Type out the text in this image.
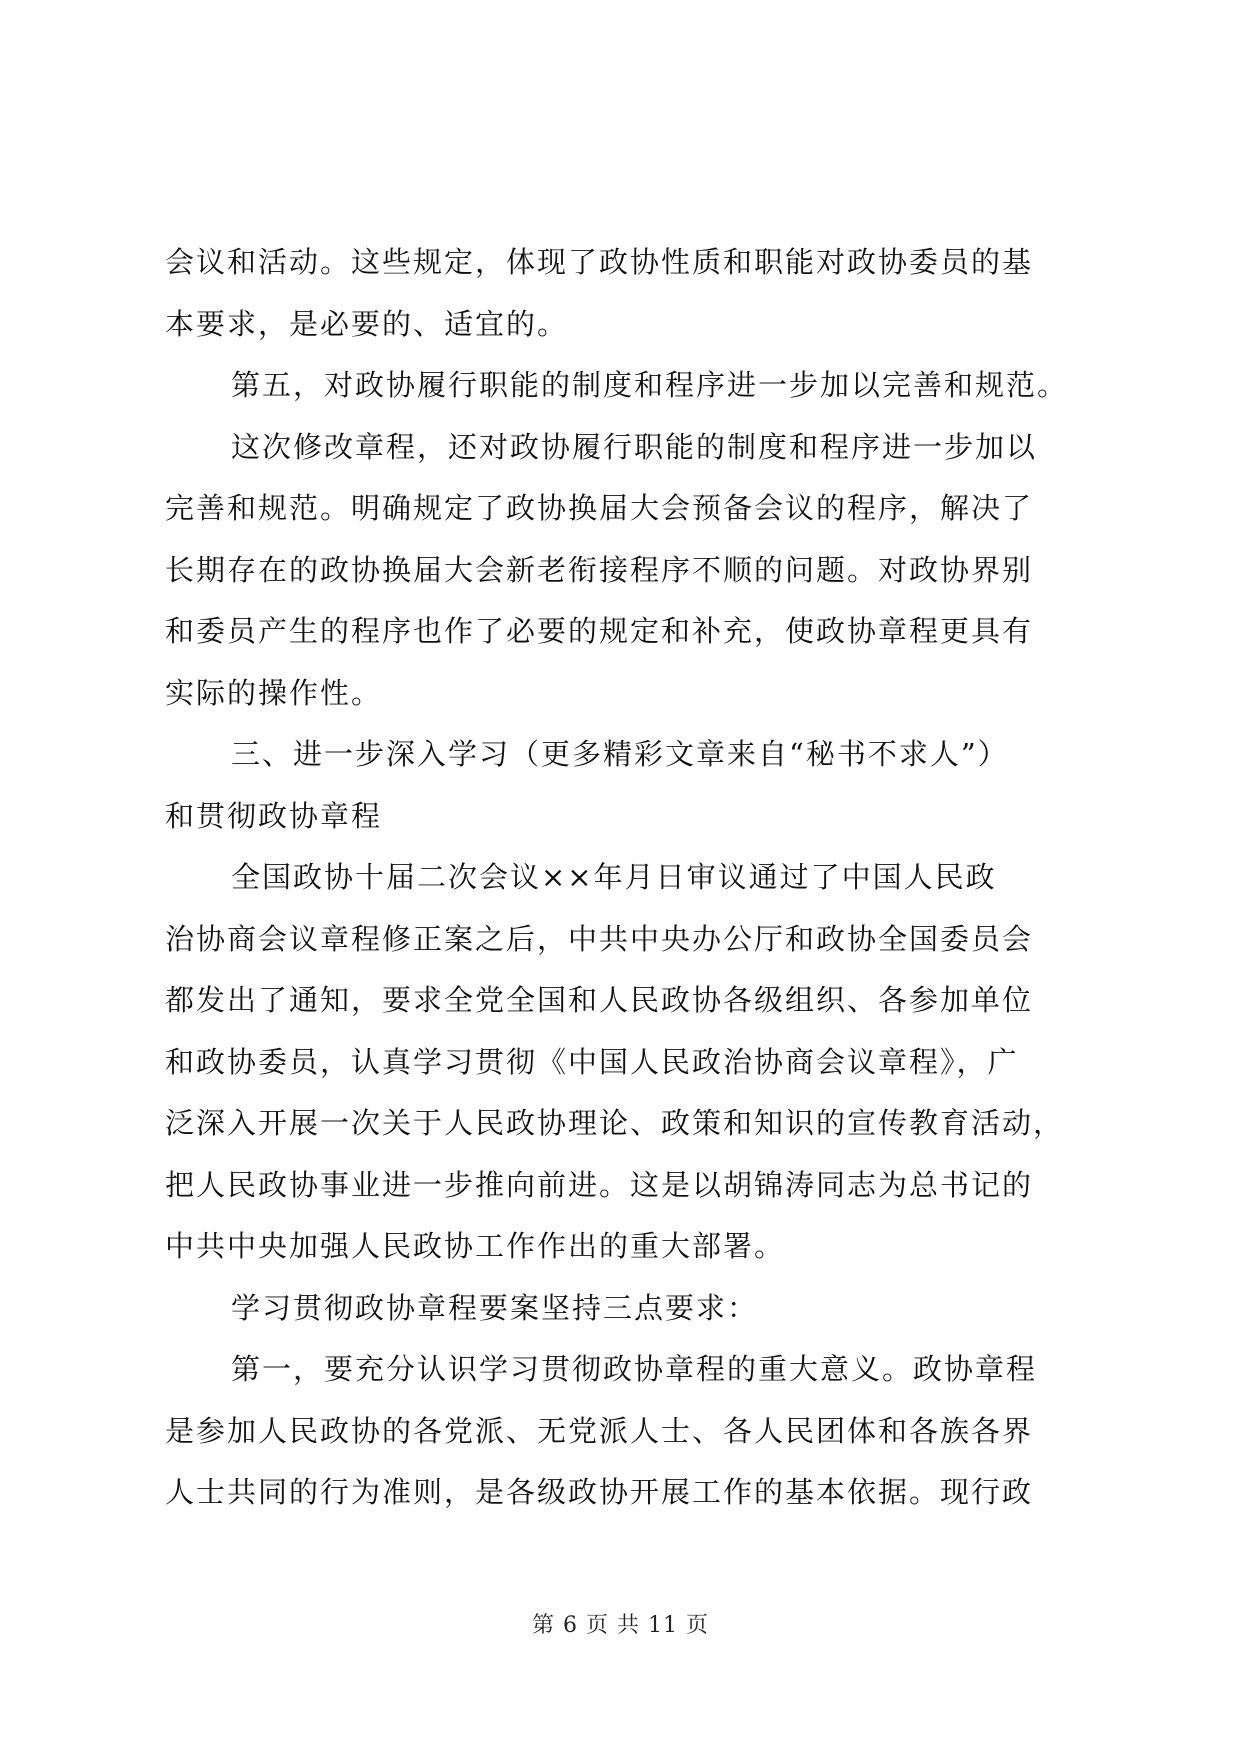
会议和活动。这些规定，体现了政协性质和职能对政协委员的基
本要求，是必要的、适宜的。
第五，对政协履行职能的制度和程序进一步加以完善和规范。
这次修改章程，还对政协履行职能的制度和程序进一步加以
完善和规范。明确规定了政协换届大会预备会议的程序，解决了
长期存在的政协换届大会新老衔接程序不顺的问题。对政协界别
和委员产生的程序也作了必要的规定和补充，使政协章程更具有
实际的操作性。
三、进一步深入学习（更多精彩文章来自“秘书不求人”）
和贯彻政协章程
全国政协十届二次会议××年月日审议通过了中国人民政
治协商会议章程修正案之后，中共中央办公厅和政协全国委员会
都发出了通知，要求全党全国和人民政协各级组织、各参加单位
和政协委员，认真学习贯彻《中国人民政治协商会议章程》，广
泛深入开展一次关于人民政协理论、政策和知识的宣传教育活动，
把人民政协事业进一步推向前进。这是以胡锦涛同志为总书记的
中共中央加强人民政协工作作出的重大部署。
学习贯彻政协章程要案坚持三点要求：
第一，要充分认识学习贯彻政协章程的重大意义。政协章程
是参加人民政协的各党派、无党派人士、各人民团体和各族各界
人士共同的行为准则，是各级政协开展工作的基本依据。现行政
第 6 页 共 11 页
